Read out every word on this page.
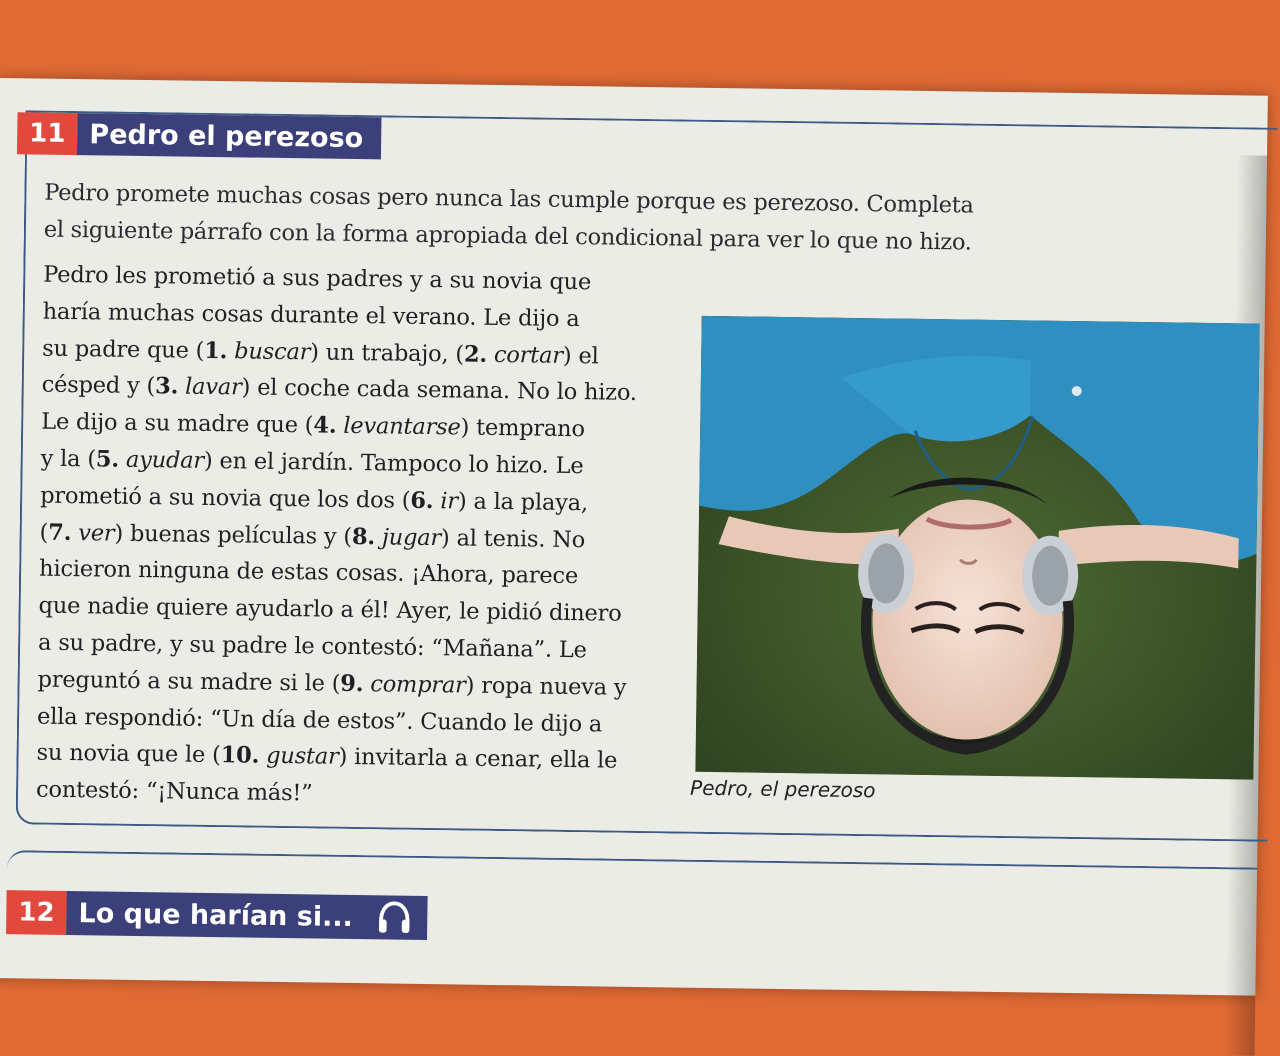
11 Pedro el perezoso

Pedro promete muchas cosas pero nunca las cumple porque es perezoso. Completa
el siguiente párrafo con la forma apropiada del condicional para ver lo que no hizo.

Pedro les prometió a sus padres y a su novia que
haría muchas cosas durante el verano. Le dijo a
su padre que (1. buscar) un trabajo, (2. cortar) el
césped y (3. lavar) el coche cada semana. No lo hizo.
Le dijo a su madre que (4. levantarse) temprano
y la (5. ayudar) en el jardín. Tampoco lo hizo. Le
prometió a su novia que los dos (6. ir) a la playa,
(7. ver) buenas películas y (8. jugar) al tenis. No
hicieron ninguna de estas cosas. ¡Ahora, parece
que nadie quiere ayudarlo a él! Ayer, le pidió dinero
a su padre, y su padre le contestó: “Mañana”. Le
preguntó a su madre si le (9. comprar) ropa nueva y
ella respondió: “Un día de estos”. Cuando le dijo a
su novia que le (10. gustar) invitarla a cenar, ella le
contestó: “¡Nunca más!”	Pedro, el perezoso
12 Lo que harían si...
